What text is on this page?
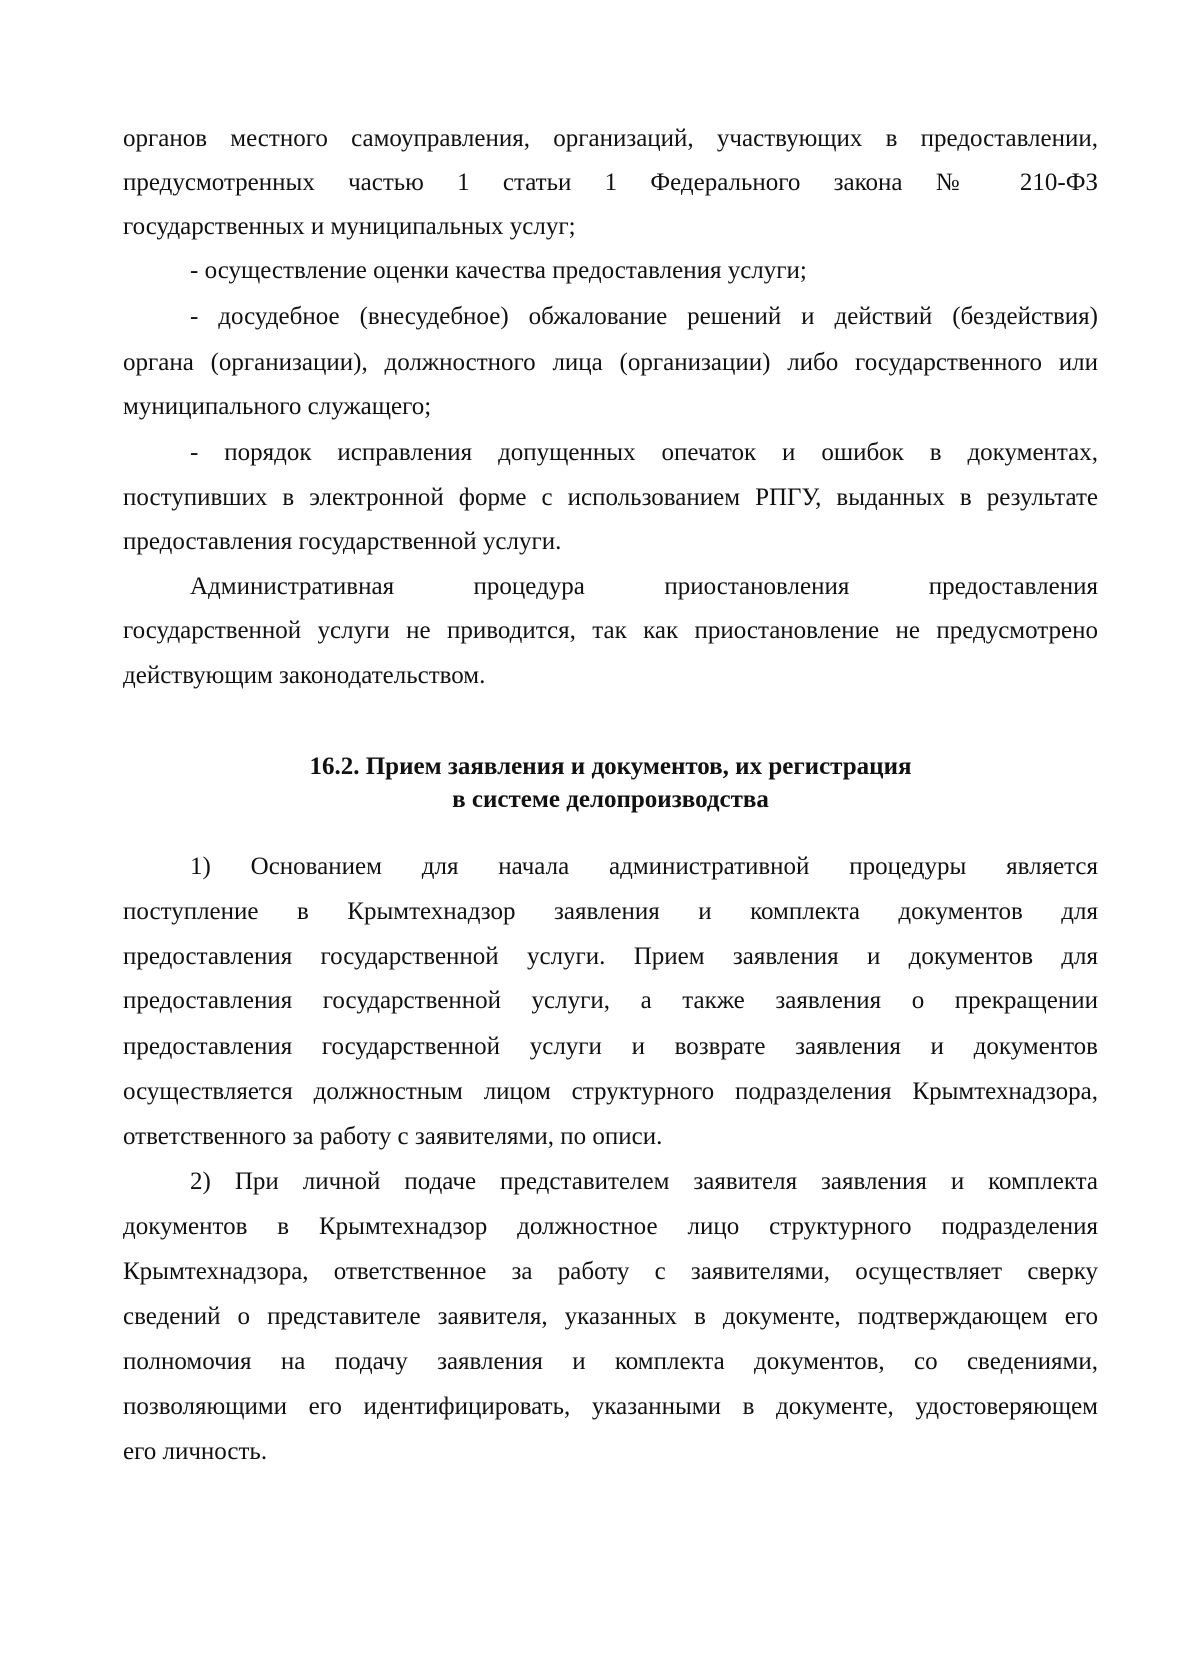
органов местного самоуправления, организаций, участвующих в предоставлении,
предусмотренных частью 1 статьи 1 Федерального закона № 210-ФЗ
государственных и муниципальных услуг;
- осуществление оценки качества предоставления услуги;
- досудебное (внесудебное) обжалование решений и действий (бездействия)
органа (организации), должностного лица (организации) либо государственного или
муниципального служащего;
- порядок исправления допущенных опечаток и ошибок в документах,
поступивших в электронной форме с использованием РПГУ, выданных в результате
предоставления государственной услуги.
Административная процедура приостановления предоставления
государственной услуги не приводится, так как приостановление не предусмотрено
действующим законодательством.
16.2. Прием заявления и документов, их регистрация
в системе делопроизводства
1) Основанием для начала административной процедуры является
поступление в Крымтехнадзор заявления и комплекта документов для
предоставления государственной услуги. Прием заявления и документов для
предоставления государственной услуги, а также заявления о прекращении
предоставления государственной услуги и возврате заявления и документов
осуществляется должностным лицом структурного подразделения Крымтехнадзора,
ответственного за работу с заявителями, по описи.
2) При личной подаче представителем заявителя заявления и комплекта
документов в Крымтехнадзор должностное лицо структурного подразделения
Крымтехнадзора, ответственное за работу с заявителями, осуществляет сверку
сведений о представителе заявителя, указанных в документе, подтверждающем его
полномочия на подачу заявления и комплекта документов, со сведениями,
позволяющими его идентифицировать, указанными в документе, удостоверяющем
его личность.
